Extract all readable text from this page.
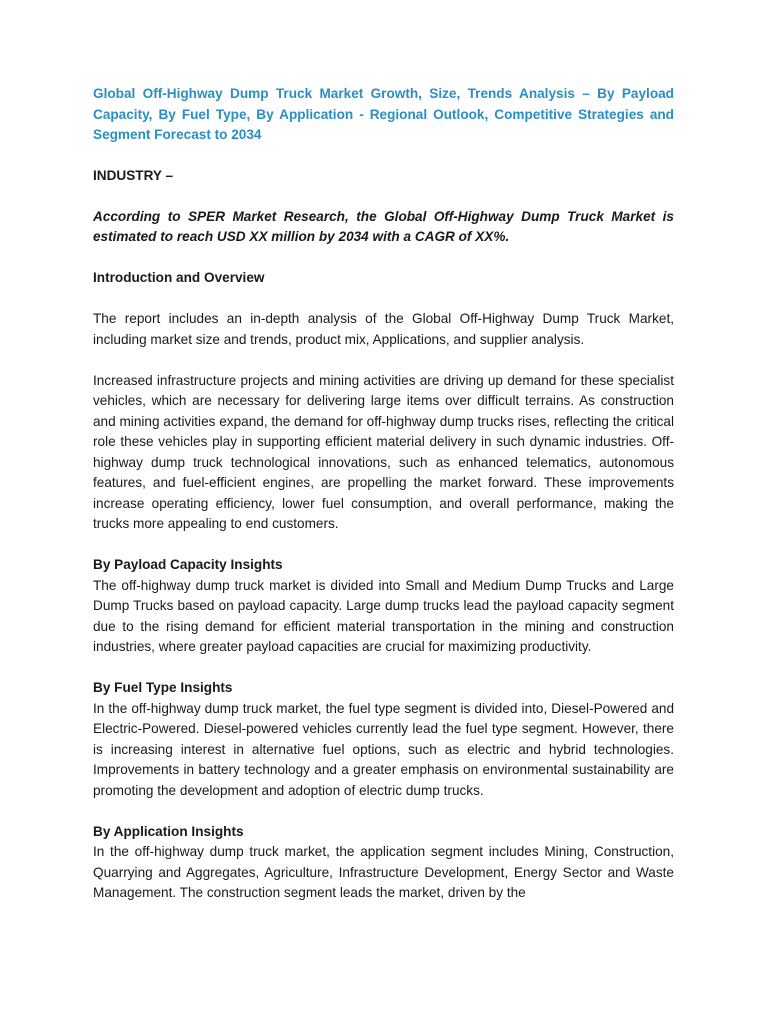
Global Off-Highway Dump Truck Market Growth, Size, Trends Analysis – By Payload Capacity, By Fuel Type, By Application - Regional Outlook, Competitive Strategies and Segment Forecast to 2034

INDUSTRY –

According to SPER Market Research, the Global Off-Highway Dump Truck Market is estimated to reach USD XX million by 2034 with a CAGR of XX%.

Introduction and Overview

The report includes an in-depth analysis of the Global Off-Highway Dump Truck Market, including market size and trends, product mix, Applications, and supplier analysis.

Increased infrastructure projects and mining activities are driving up demand for these specialist vehicles, which are necessary for delivering large items over difficult terrains. As construction and mining activities expand, the demand for off-highway dump trucks rises, reflecting the critical role these vehicles play in supporting efficient material delivery in such dynamic industries. Off-highway dump truck technological innovations, such as enhanced telematics, autonomous features, and fuel-efficient engines, are propelling the market forward. These improvements increase operating efficiency, lower fuel consumption, and overall performance, making the trucks more appealing to end customers.

By Payload Capacity Insights

The off-highway dump truck market is divided into Small and Medium Dump Trucks and Large Dump Trucks based on payload capacity. Large dump trucks lead the payload capacity segment due to the rising demand for efficient material transportation in the mining and construction industries, where greater payload capacities are crucial for maximizing productivity.

By Fuel Type Insights

In the off-highway dump truck market, the fuel type segment is divided into, Diesel-Powered and Electric-Powered. Diesel-powered vehicles currently lead the fuel type segment. However, there is increasing interest in alternative fuel options, such as electric and hybrid technologies. Improvements in battery technology and a greater emphasis on environmental sustainability are promoting the development and adoption of electric dump trucks.

By Application Insights

In the off-highway dump truck market, the application segment includes Mining, Construction, Quarrying and Aggregates, Agriculture, Infrastructure Development, Energy Sector and Waste Management. The construction segment leads the market, driven by the
